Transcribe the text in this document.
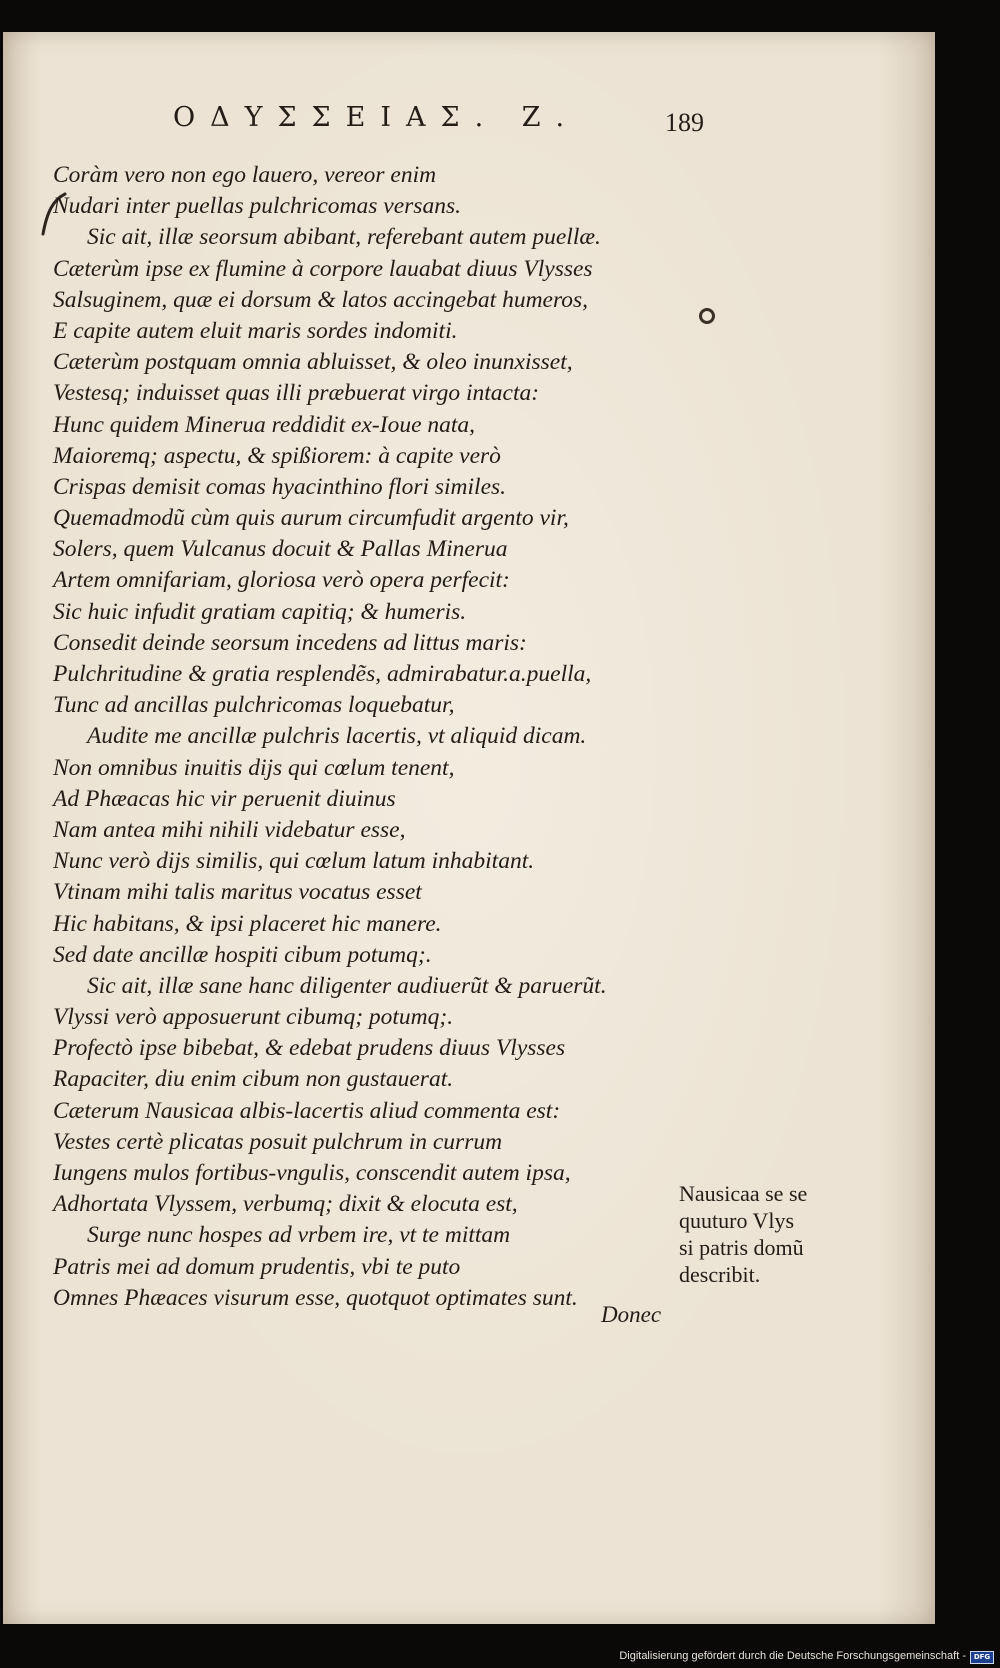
ΟΔΥΣΣΕΙΑΣ. Ζ.	189
Coràm vero non ego lauero, vereor enim
Nudari inter puellas pulchricomas versans.
Sic ait, illæ seorsum abibant, referebant autem puellæ.
Cæterùm ipse ex flumine à corpore lauabat diuus Vlysses
Salsuginem, quæ ei dorsum & latos accingebat humeros,
E capite autem eluit maris sordes indomiti.
Cæterùm postquam omnia abluisset, & oleo inunxisset,
Vestesq; induisset quas illi præbuerat virgo intacta:
Hunc quidem Minerua reddidit ex-Ioue nata,
Maioremq; aspectu, & spißiorem: à capite verò
Crispas demisit comas hyacinthino flori similes.
Quemadmodũ cùm quis aurum circumfudit argento vir,
Solers, quem Vulcanus docuit & Pallas Minerua
Artem omnifariam, gloriosa verò opera perfecit:
Sic huic infudit gratiam capitiq; & humeris.
Consedit deinde seorsum incedens ad littus maris:
Pulchritudine & gratia resplendẽs, admirabatur.a.puella,
Tunc ad ancillas pulchricomas loquebatur,
Audite me ancillæ pulchris lacertis, vt aliquid dicam.
Non omnibus inuitis dijs qui cœlum tenent,
Ad Phæacas hic vir peruenit diuinus
Nam antea mihi nihili videbatur esse,
Nunc verò dijs similis, qui cœlum latum inhabitant.
Vtinam mihi talis maritus vocatus esset
Hic habitans, & ipsi placeret hic manere.
Sed date ancillæ hospiti cibum potumq;.
Sic ait, illæ sane hanc diligenter audiuerũt & paruerũt.
Vlyssi verò apposuerunt cibumq; potumq;.
Profectò ipse bibebat, & edebat prudens diuus Vlysses
Rapaciter, diu enim cibum non gustauerat.
Cæterum Nausicaa albis-lacertis aliud commenta est:
Vestes certè plicatas posuit pulchrum in currum
Iungens mulos fortibus-vngulis, conscendit autem ipsa,
Adhortata Vlyssem, verbumq; dixit & elocuta est,
Surge nunc hospes ad vrbem ire, vt te mittam
Patris mei ad domum prudentis, vbi te puto
Omnes Phæaces visurum esse, quotquot optimates sunt.
Nausicaa se se
quuturo Vlys
si patris domũ
describit.
Donec
Digitalisierung gefördert durch die Deutsche Forschungsgemeinschaft -	DFG
